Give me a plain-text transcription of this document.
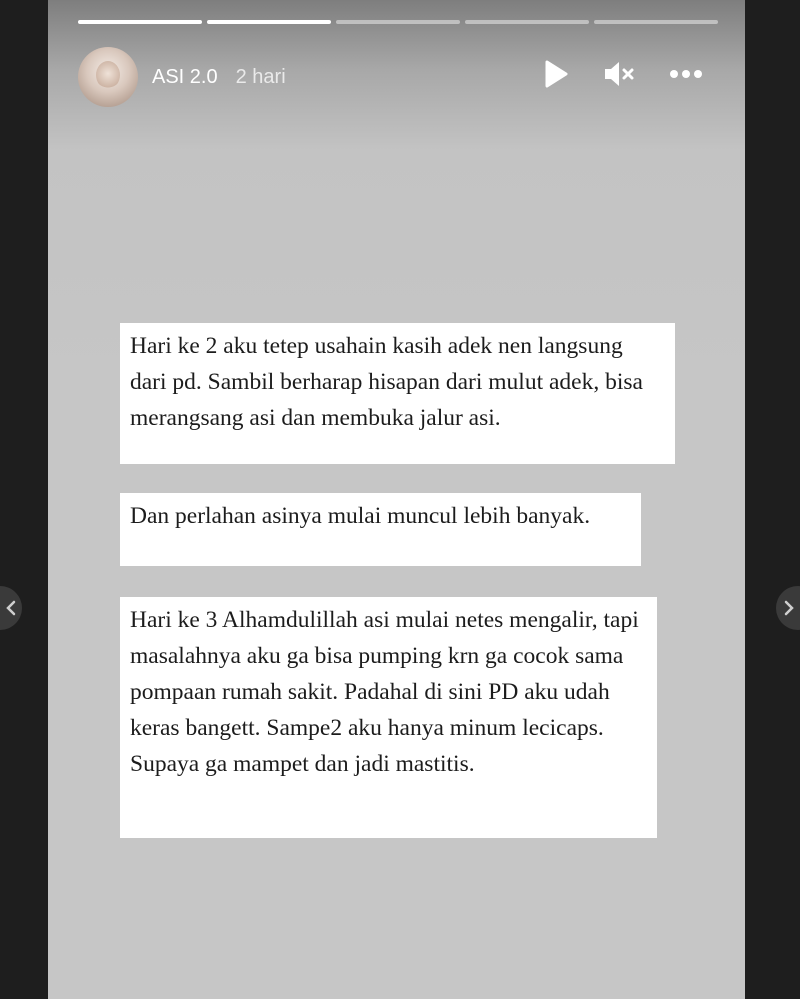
ASI 2.0 2 hari
Hari ke 2 aku tetep usahain kasih adek nen langsung dari pd. Sambil berharap hisapan dari mulut adek, bisa merangsang asi dan membuka jalur asi.
Dan perlahan asinya mulai muncul lebih banyak.
Hari ke 3 Alhamdulillah asi mulai netes mengalir, tapi masalahnya aku ga bisa pumping krn ga cocok sama pompaan rumah sakit. Padahal di sini PD aku udah keras bangett. Sampe2 aku hanya minum lecicaps. Supaya ga mampet dan jadi mastitis.
